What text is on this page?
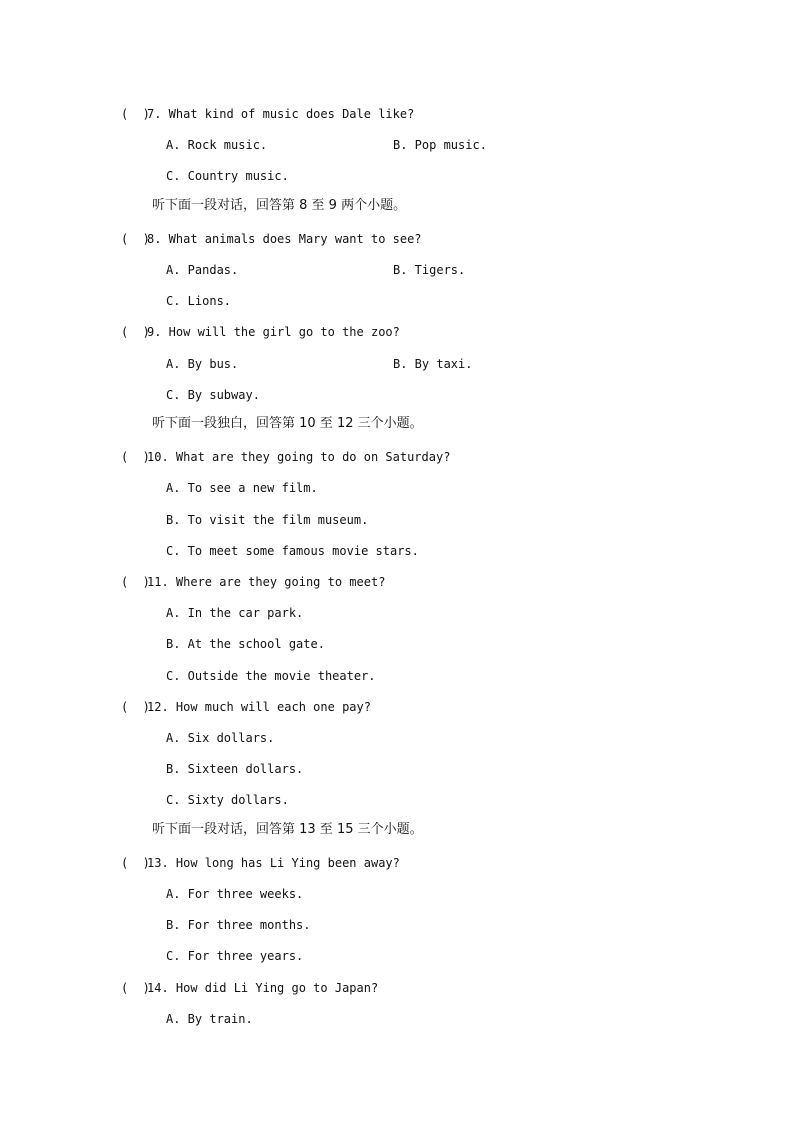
(  )7. What kind of music does Dale like?
A. Rock music.	B. Pop music.
C. Country music.
听下面一段对话，回答第 8 至 9 两个小题。
(  )8. What animals does Mary want to see?
A. Pandas.	B. Tigers.
C. Lions.
(  )9. How will the girl go to the zoo?
A. By bus.	B. By taxi.
C. By subway.
听下面一段独白，回答第 10 至 12 三个小题。
(  )10. What are they going to do on Saturday?
A. To see a new film.
B. To visit the film museum.
C. To meet some famous movie stars.
(  )11. Where are they going to meet?
A. In the car park.
B. At the school gate.
C. Outside the movie theater.
(  )12. How much will each one pay?
A. Six dollars.
B. Sixteen dollars.
C. Sixty dollars.
听下面一段对话，回答第 13 至 15 三个小题。
(  )13. How long has Li Ying been away?
A. For three weeks.
B. For three months.
C. For three years.
(  )14. How did Li Ying go to Japan?
A. By train.
